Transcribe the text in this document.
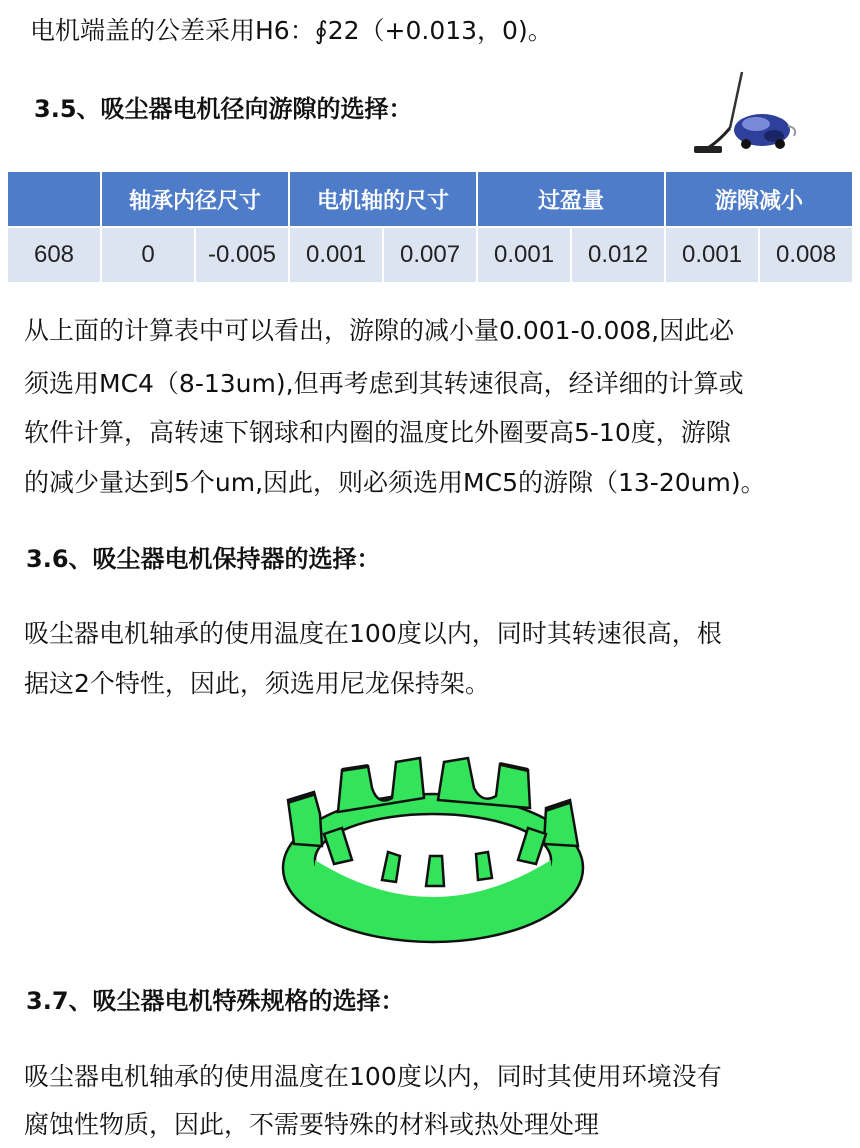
电机端盖的公差采用H6：∮22（+0.013，0)。
3.5、吸尘器电机径向游隙的选择：
	轴承内径尺寸		电机轴的尺寸		过盈量		游隙减小	
608	0	-0.005	0.001	0.007	0.001	0.012	0.001	0.008
从上面的计算表中可以看出，游隙的减小量0.001-0.008,因此必
须选用MC4（8-13um),但再考虑到其转速很高，经详细的计算或
软件计算，高转速下钢球和内圈的温度比外圈要高5-10度，游隙
的减少量达到5个um,因此，则必须选用MC5的游隙（13-20um)。
3.6、吸尘器电机保持器的选择：
吸尘器电机轴承的使用温度在100度以内，同时其转速很高，根
据这2个特性，因此，须选用尼龙保持架。
3.7、吸尘器电机特殊规格的选择：
吸尘器电机轴承的使用温度在100度以内，同时其使用环境没有
腐蚀性物质，因此，不需要特殊的材料或热处理处理
